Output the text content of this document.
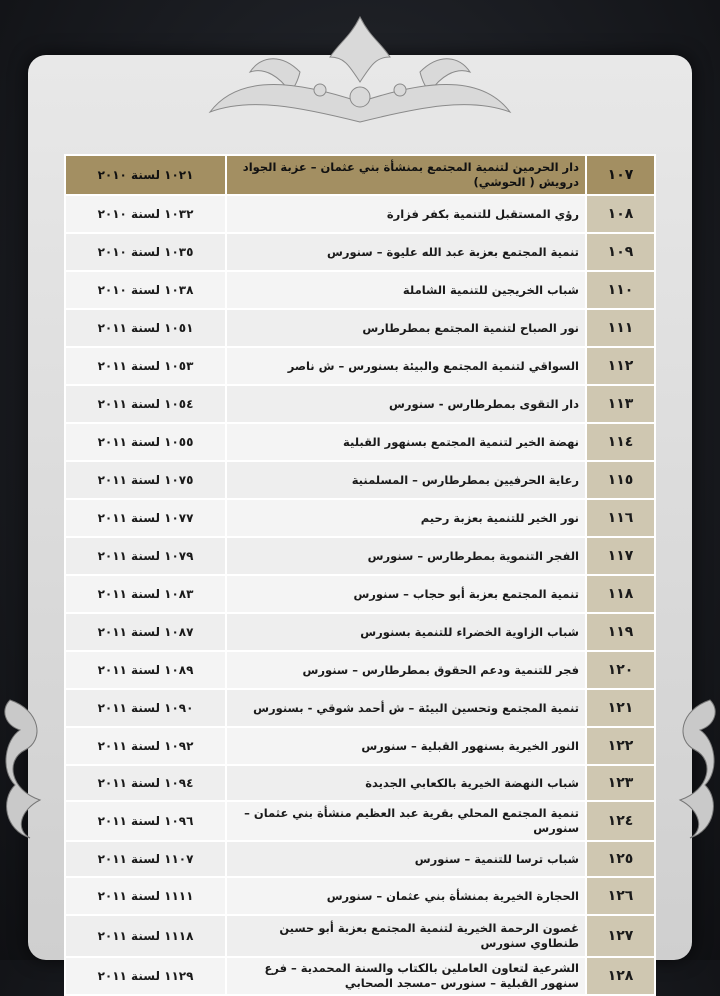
١٠٧	دار الحرمين لتنمية المجتمع بمنشأة بني عثمان – عزبة الجواد درويش ( الحوشي)	١٠٢١ لسنة ٢٠١٠
١٠٨	رؤي المستقبل للتنمية بكفر فزارة	١٠٣٢ لسنة ٢٠١٠
١٠٩	تنمية المجتمع بعزبة عبد الله عليوة – سنورس	١٠٣٥ لسنة ٢٠١٠
١١٠	شباب الخريجين للتنمية الشاملة	١٠٣٨ لسنة ٢٠١٠
١١١	نور الصباح لتنمية المجتمع بمطرطارس	١٠٥١ لسنة ٢٠١١
١١٢	السواقي لتنمية المجتمع والبيئة بسنورس – ش ناصر	١٠٥٣ لسنة ٢٠١١
١١٣	دار التقوى بمطرطارس - سنورس	١٠٥٤ لسنة ٢٠١١
١١٤	نهضة الخير لتنمية المجتمع بسنهور القبلية	١٠٥٥ لسنة ٢٠١١
١١٥	رعاية الحرفيين بمطرطارس – المسلمنية	١٠٧٥ لسنة ٢٠١١
١١٦	نور الخير للتنمية بعزبة رحيم	١٠٧٧ لسنة ٢٠١١
١١٧	الفجر التنموية بمطرطارس – سنورس	١٠٧٩ لسنة ٢٠١١
١١٨	تنمية المجتمع بعزبة أبو حجاب – سنورس	١٠٨٣ لسنة ٢٠١١
١١٩	شباب الزاوية الخضراء للتنمية بسنورس	١٠٨٧ لسنة ٢٠١١
١٢٠	فجر للتنمية ودعم الحقوق بمطرطارس – سنورس	١٠٨٩ لسنة ٢٠١١
١٢١	تنمية المجتمع وتحسين البيئة – ش أحمد شوقي - بسنورس	١٠٩٠ لسنة ٢٠١١
١٢٢	النور الخيرية بسنهور القبلية – سنورس	١٠٩٢ لسنة ٢٠١١
١٢٣	شباب النهضة الخيرية بالكعابي الجديدة	١٠٩٤ لسنة ٢٠١١
١٢٤	تنمية المجتمع المحلي بقرية عبد العظيم منشأة بني عثمان – سنورس	١٠٩٦ لسنة ٢٠١١
١٢٥	شباب ترسا للتنمية – سنورس	١١٠٧ لسنة ٢٠١١
١٢٦	الحجارة الخيرية بمنشأة بني عثمان – سنورس	١١١١ لسنة ٢٠١١
١٢٧	غصون الرحمة الخيرية لتنمية المجتمع بعزبة أبو حسين طنطاوي سنورس	١١١٨ لسنة ٢٠١١
١٢٨	الشرعية لتعاون العاملين بالكتاب والسنة المحمدية – فرع سنهور القبلية – سنورس –مسجد الصحابي	١١٢٩ لسنة ٢٠١١
